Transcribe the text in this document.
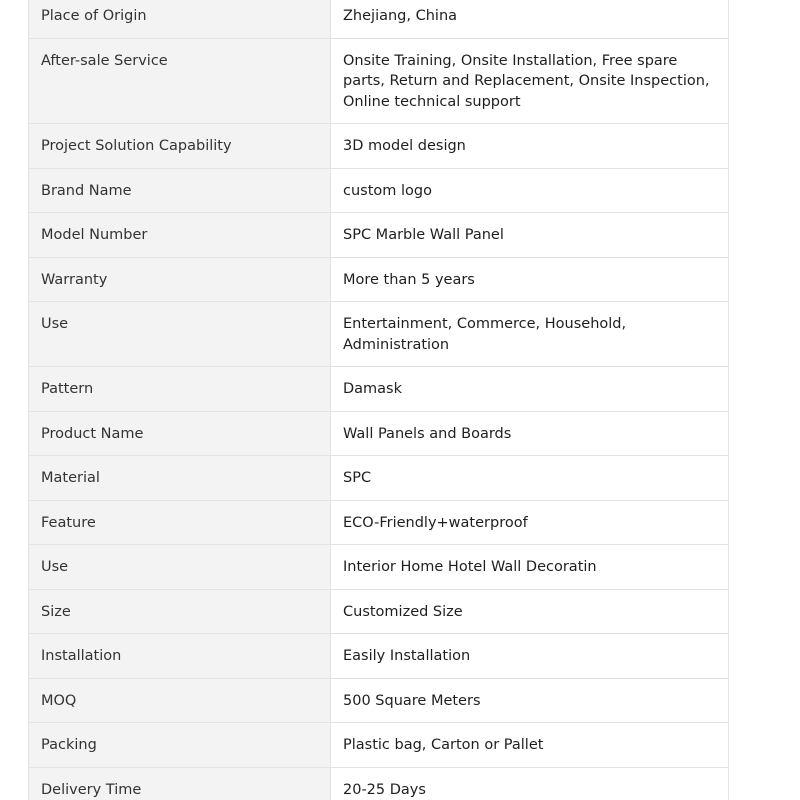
Place of Origin	Zhejiang, China
After-sale Service	Onsite Training, Onsite Installation, Free spare parts, Return and Replacement, Onsite Inspection, Online technical support
Project Solution Capability	3D model design
Brand Name	custom logo
Model Number	SPC Marble Wall Panel
Warranty	More than 5 years
Use	Entertainment, Commerce, Household, Administration
Pattern	Damask
Product Name	Wall Panels and Boards
Material	SPC
Feature	ECO-Friendly+waterproof
Use	Interior Home Hotel Wall Decoratin
Size	Customized Size
Installation	Easily Installation
MOQ	500 Square Meters
Packing	Plastic bag, Carton or Pallet
Delivery Time	20-25 Days
